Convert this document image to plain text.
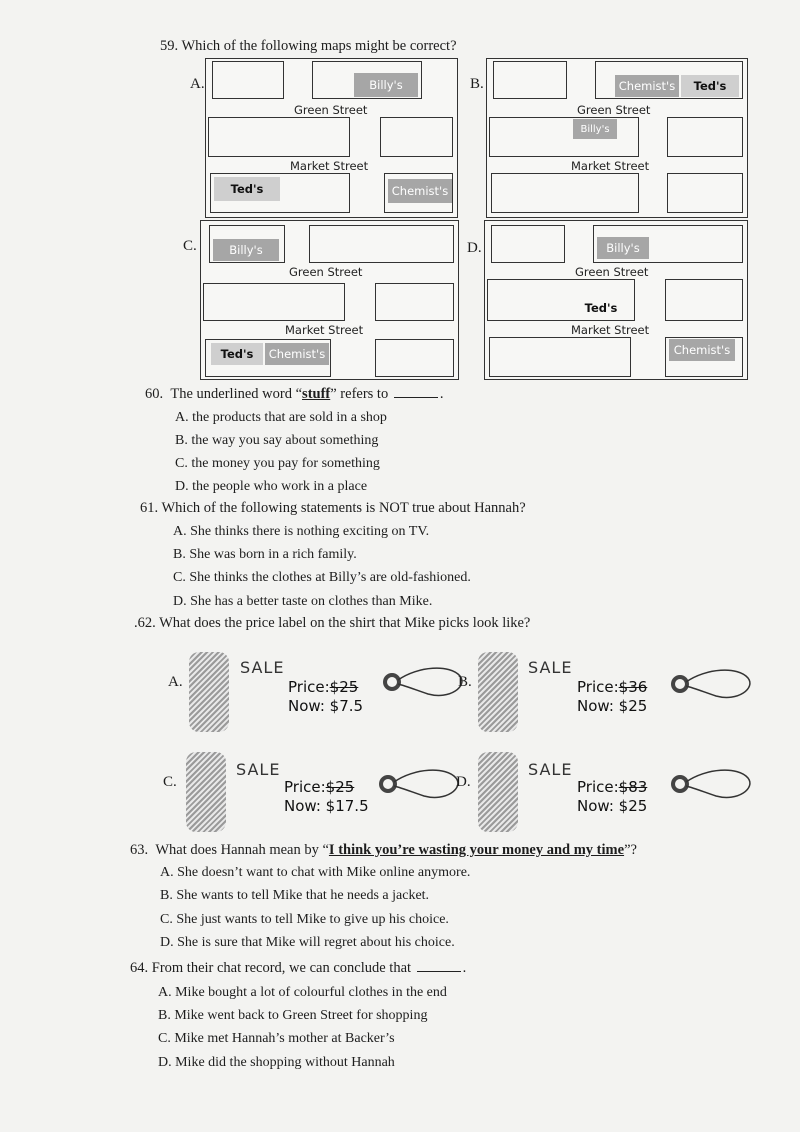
59. Which of the following maps might be correct?
A.	Billy's
Green Street
Market Street
Ted's	Chemist's
B.	Chemist's	Ted's
Green Street
Billy's
Market Street
C.	Billy's
Green Street
Market Street
Ted's	Chemist's
D.	Billy's
Green Street
Ted's
Market Street
Chemist's
60. The underlined word “stuff” refers to	.
A. the products that are sold in a shop
B. the way you say about something
C. the money you pay for something
D. the people who work in a place
61. Which of the following statements is NOT true about Hannah?
A. She thinks there is nothing exciting on TV.
B. She was born in a rich family.
C. She thinks the clothes at Billy’s are old-fashioned.
D. She has a better taste on clothes than Mike.
.62. What does the price label on the shirt that Mike picks look like?
A.
SALE
Price:$25
Now: $7.5
B.
SALE
Price:$36
Now: $25
C.
SALE
Price:$25
Now: $17.5
D.
SALE
Price:$83
Now: $25
63. What does Hannah mean by “I think you’re wasting your money and my time”?
A. She doesn’t want to chat with Mike online anymore.
B. She wants to tell Mike that he needs a jacket.
C. She just wants to tell Mike to give up his choice.
D. She is sure that Mike will regret about his choice.
64. From their chat record, we can conclude that	.
A. Mike bought a lot of colourful clothes in the end
B. Mike went back to Green Street for shopping
C. Mike met Hannah’s mother at Backer’s
D. Mike did the shopping without Hannah
